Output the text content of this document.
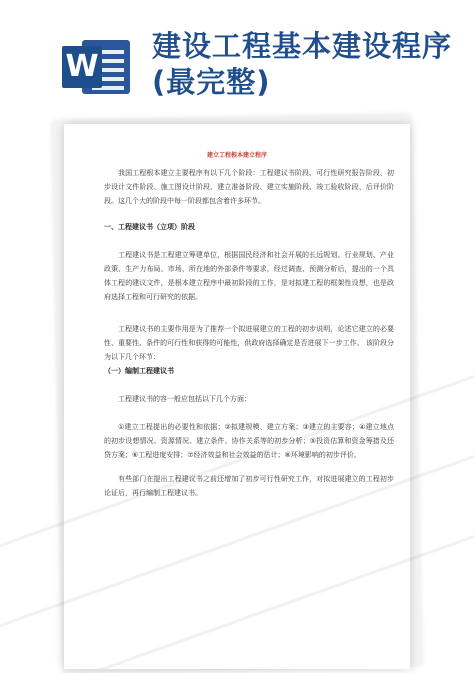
W
建设工程基本建设程序(最完整)
建立工程根本建立程序
我国工程根本建立主要程序有以下几个阶段：工程建议书阶段、可行性研究报告阶段、初步设计文件阶段、施工图设计阶段、建立准备阶段、建立实施阶段、竣工验收阶段、后评价阶段。这几个大的阶段中每一阶段都包含着许多环节。
一、工程建议书（立项）阶段
工程建议书是工程建立筹建单位，根据国民经济和社会开展的长远规划、行业规划、产业政策、生产力布局、市场、所在地的外部条件等要求，经过调查、预测分析后，提出的一个具体工程的建议文件，是根本建立程序中最初阶段的工作，是对拟建工程的框架性设想，也是政府选择工程和可行研究的依据。
工程建议书的主要作用是为了推荐一个拟进展建立的工程的初步说明，论述它建立的必要性、重要性、条件的可行性和获得的可能性，供政府选择确定是否进展下一步工作。 该阶段分为以下几个环节：
（一）编制工程建议书
工程建议书的容一般应包括以下几个方面：
①建立工程提出的必要性和依据；②拟建规模、建立方案；③建立的主要容；④建立地点的初步设想情况、资源情况、建立条件、协作关系等的初步分析；⑤投资估算和资金筹措及还贷方案；⑥工程进度安排；⑦经济效益和社会效益的估计；⑧环境影响的初步评价。
有些部门在提出工程建议书之前还增加了初步可行性研究工作，对拟进展建立的工程初步论证后，再行编制工程建议书。
